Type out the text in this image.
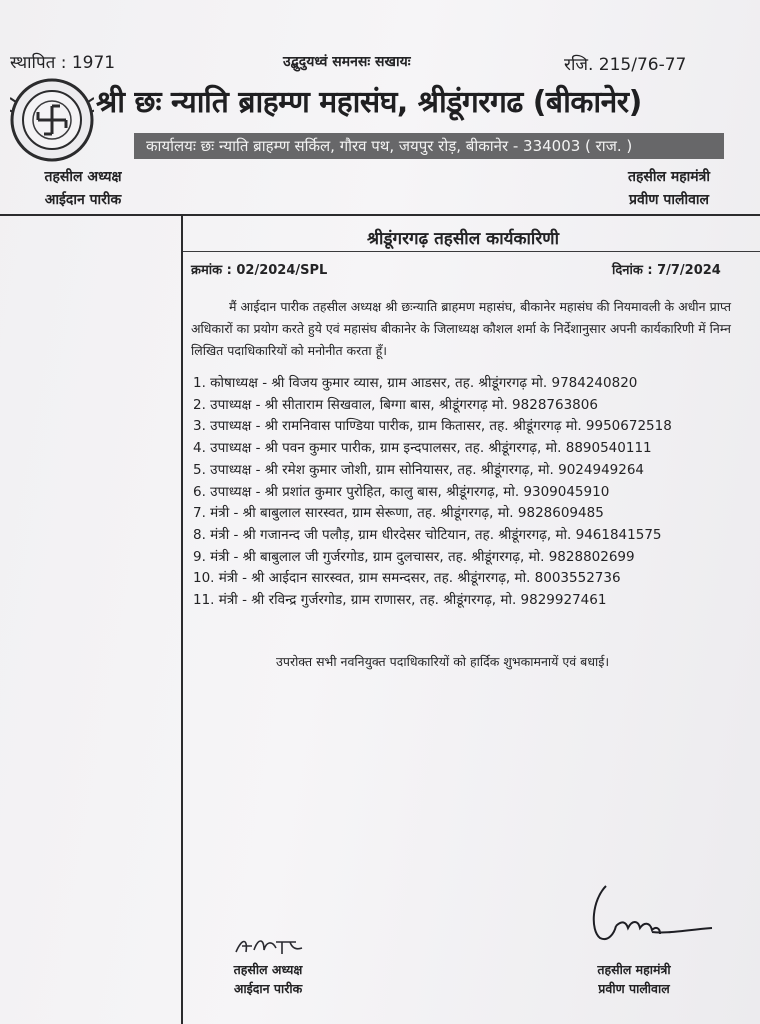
स्थापित : 1971	उद्बुदुयध्वं समनसः सखायः	रजि. 215/76-77
श्री छः न्याति ब्राहम्ण महासंघ, श्रीडूंगरगढ (बीकानेर)
कार्यालयः छः न्याति ब्राहम्ण सर्किल, गौरव पथ, जयपुर रोड़, बीकानेर - 334003 ( राज. )
तहसील अध्यक्ष
आईदान पारीक
तहसील महामंत्री
प्रवीण पालीवाल
श्रीडूंगरगढ़ तहसील कार्यकारिणी
क्रमांक : 02/2024/SPL	दिनांक : 7/7/2024
मैं आईदान पारीक तहसील अध्यक्ष श्री छःन्याति ब्राहमण महासंघ, बीकानेर महासंघ की नियमावली के अधीन प्राप्त अधिकारों का प्रयोग करते हुये एवं महासंघ बीकानेर के जिलाध्यक्ष कौशल शर्मा के निर्देशानुसार अपनी कार्यकारिणी में निम्न लिखित पदाधिकारियों को मनोनीत करता हूँ।
1. कोषाध्यक्ष - श्री विजय कुमार व्यास, ग्राम आडसर, तह. श्रीडूंगरगढ़ मो. 9784240820
2. उपाध्यक्ष - श्री सीताराम सिखवाल, बिग्गा बास, श्रीडूंगरगढ़ मो. 9828763806
3. उपाध्यक्ष - श्री रामनिवास पाण्डिया पारीक, ग्राम कितासर, तह. श्रीडूंगरगढ़ मो. 9950672518
4. उपाध्यक्ष - श्री पवन कुमार पारीक, ग्राम इन्दपालसर, तह. श्रीडूंगरगढ़, मो. 8890540111
5. उपाध्यक्ष - श्री रमेश कुमार जोशी, ग्राम सोनियासर, तह. श्रीडूंगरगढ़, मो. 9024949264
6. उपाध्यक्ष - श्री प्रशांत कुमार पुरोहित, कालु बास, श्रीडूंगरगढ़, मो. 9309045910
7. मंत्री - श्री बाबुलाल सारस्वत, ग्राम सेरूणा, तह. श्रीडूंगरगढ़, मो. 9828609485
8. मंत्री - श्री गजानन्द जी पलौड़, ग्राम धीरदेसर चोटियान, तह. श्रीडूंगरगढ़, मो. 9461841575
9. मंत्री - श्री बाबुलाल जी गुर्जरगोड, ग्राम दुलचासर, तह. श्रीडूंगरगढ़, मो. 9828802699
10. मंत्री - श्री आईदान सारस्वत, ग्राम समन्दसर, तह. श्रीडूंगरगढ़, मो. 8003552736
11. मंत्री - श्री रविन्द्र गुर्जरगोड, ग्राम राणासर, तह. श्रीडूंगरगढ़, मो. 9829927461
उपरोक्त सभी नवनियुक्त पदाधिकारियों को हार्दिक शुभकामनायें एवं बधाई।
तहसील अध्यक्ष
आईदान पारीक
तहसील महामंत्री
प्रवीण पालीवाल
